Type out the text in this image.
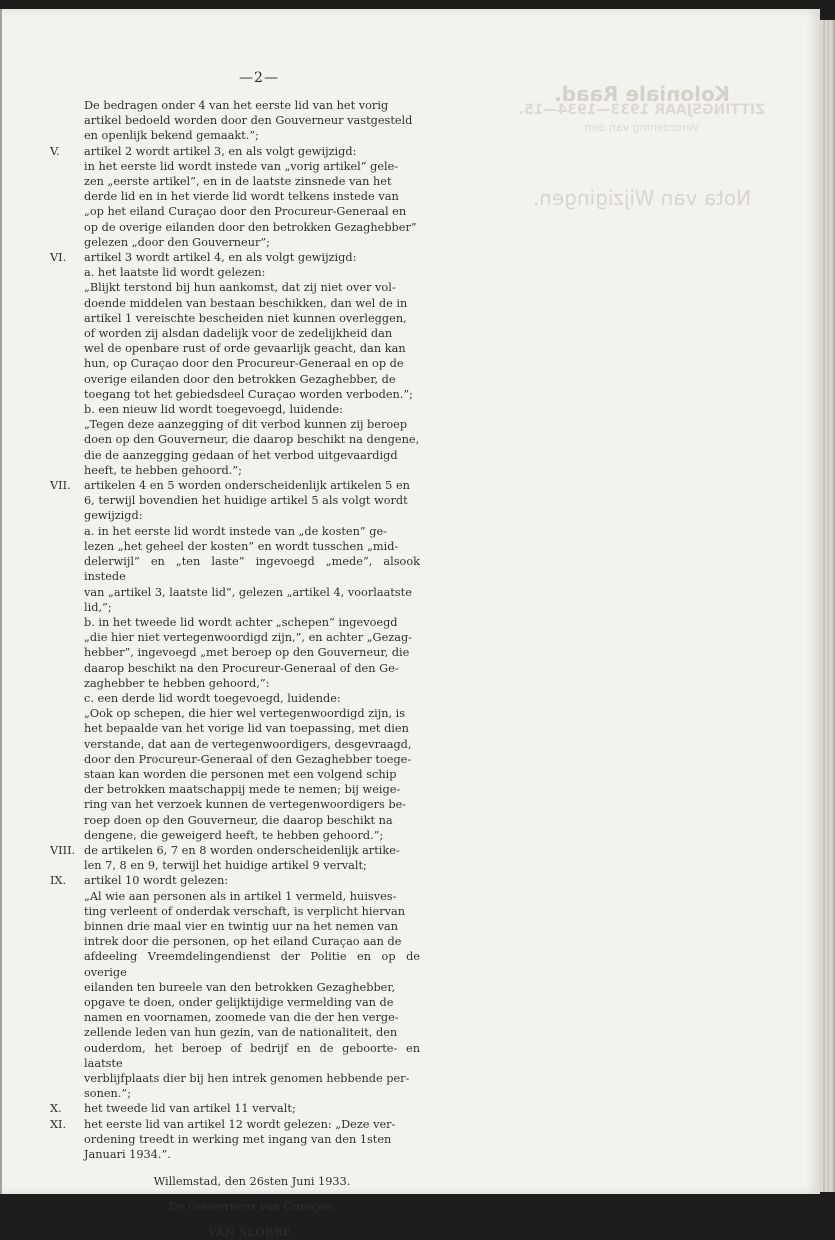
Koloniale Raad.
ZITTINGSJAAR 1933—1934—15.

Verordening van den

Nota van Wijzigingen.
—2—
De bedragen onder 4 van het eerste lid van het vorig
artikel bedoeld worden door den Gouverneur vastgesteld
en openlijk bekend gemaakt.”;
V.	artikel 2 wordt artikel 3, en als volgt gewijzigd:
in het eerste lid wordt instede van „vorig artikel” gele-
zen „eerste artikel”, en in de laatste zinsnede van het
derde lid en in het vierde lid wordt telkens instede van
„op het eiland Curaçao door den Procureur-Generaal en
op de overige eilanden door den betrokken Gezaghebber”
gelezen „door den Gouverneur”;
VI.	artikel 3 wordt artikel 4, en als volgt gewijzigd:
a. het laatste lid wordt gelezen:
„Blijkt terstond bij hun aankomst, dat zij niet over vol-
doende middelen van bestaan beschikken, dan wel de in
artikel 1 vereischte bescheiden niet kunnen overleggen,
of worden zij alsdan dadelijk voor de zedelijkheid dan
wel de openbare rust of orde gevaarlijk geacht, dan kan
hun, op Curaçao door den Procureur-Generaal en op de
overige eilanden door den betrokken Gezaghebber, de
toegang tot het gebiedsdeel Curaçao worden verboden.”;
b. een nieuw lid wordt toegevoegd, luidende:
„Tegen deze aanzegging of dit verbod kunnen zij beroep
doen op den Gouverneur, die daarop beschikt na dengene,
die de aanzegging gedaan of het verbod uitgevaardigd
heeft, te hebben gehoord.”;
VII.	artikelen 4 en 5 worden onderscheidenlijk artikelen 5 en
6, terwijl bovendien het huidige artikel 5 als volgt wordt
gewijzigd:
a. in het eerste lid wordt instede van „de kosten” ge-
lezen „het geheel der kosten” en wordt tusschen „mid-
delerwijl” en „ten laste” ingevoegd „mede”, alsook instede
van „artikel 3, laatste lid”, gelezen „artikel 4, voorlaatste
lid,”;
b. in het tweede lid wordt achter „schepen” ingevoegd
„die hier niet vertegenwoordigd zijn,”, en achter „Gezag-
hebber”, ingevoegd „met beroep op den Gouverneur, die
daarop beschikt na den Procureur-Generaal of den Ge-
zaghebber te hebben gehoord,”:
c. een derde lid wordt toegevoegd, luidende:
„Ook op schepen, die hier wel vertegenwoordigd zijn, is
het bepaalde van het vorige lid van toepassing, met dien
verstande, dat aan de vertegenwoordigers, desgevraagd,
door den Procureur-Generaal of den Gezaghebber toege-
staan kan worden die personen met een volgend schip
der betrokken maatschappij mede te nemen; bij weige-
ring van het verzoek kunnen de vertegenwoordigers be-
roep doen op den Gouverneur, die daarop beschikt na
dengene, die geweigerd heeft, te hebben gehoord.”;
VIII. de artikelen 6, 7 en 8 worden onderscheidenlijk artike-
len 7, 8 en 9, terwijl het huidige artikel 9 vervalt;
IX.	artikel 10 wordt gelezen:
„Al wie aan personen als in artikel 1 vermeld, huisves-
ting verleent of onderdak verschaft, is verplicht hiervan
binnen drie maal vier en twintig uur na het nemen van
intrek door die personen, op het eiland Curaçao aan de
afdeeling Vreemdelingendienst der Politie en op de overige
eilanden ten bureele van den betrokken Gezaghebber,
opgave te doen, onder gelijktijdige vermelding van de
namen en voornamen, zoomede van die der hen verge-
zellende leden van hun gezin, van de nationaliteit, den
ouderdom, het beroep of bedrijf en de geboorte- en laatste
verblijfplaats dier bij hen intrek genomen hebbende per-
sonen.”;
X.	het tweede lid van artikel 11 vervalt;
XI.	het eerste lid van artikel 12 wordt gelezen: „Deze ver-
ordening treedt in werking met ingang van den 1sten
Januari 1934.”.
Willemstad, den 26sten Juni 1933.
De Gouverneur van Curaçao,
VAN SLOBBE.
